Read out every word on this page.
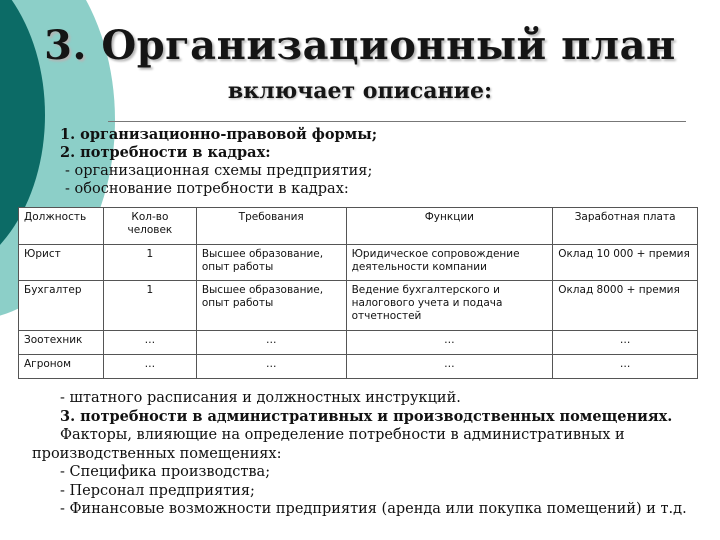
3. Организационный план
включает описание:
1. организационно-правовой формы;
2. потребности в кадрах:
- организационная схемы предприятия;
- обоснование потребности в кадрах:
Должность	Кол-во человек	Требования	Функции	Заработная плата
Юрист	1	Высшее образование, опыт работы	Юридическое сопровождение деятельности компании	Оклад 10 000 + премия
Бухгалтер	1	Высшее образование, опыт работы	Ведение бухгалтерского и налогового учета и подача отчетностей	Оклад 8000 + премия
Зоотехник	…	…	…	…
Агроном	…	…	…	…
- штатного расписания и должностных инструкций.
3. потребности в административных и производственных помещениях.
Факторы, влияющие на определение потребности в административных и
производственных помещениях:
- Специфика производства;
- Персонал предприятия;
- Финансовые возможности предприятия (аренда или покупка помещений) и т.д.
